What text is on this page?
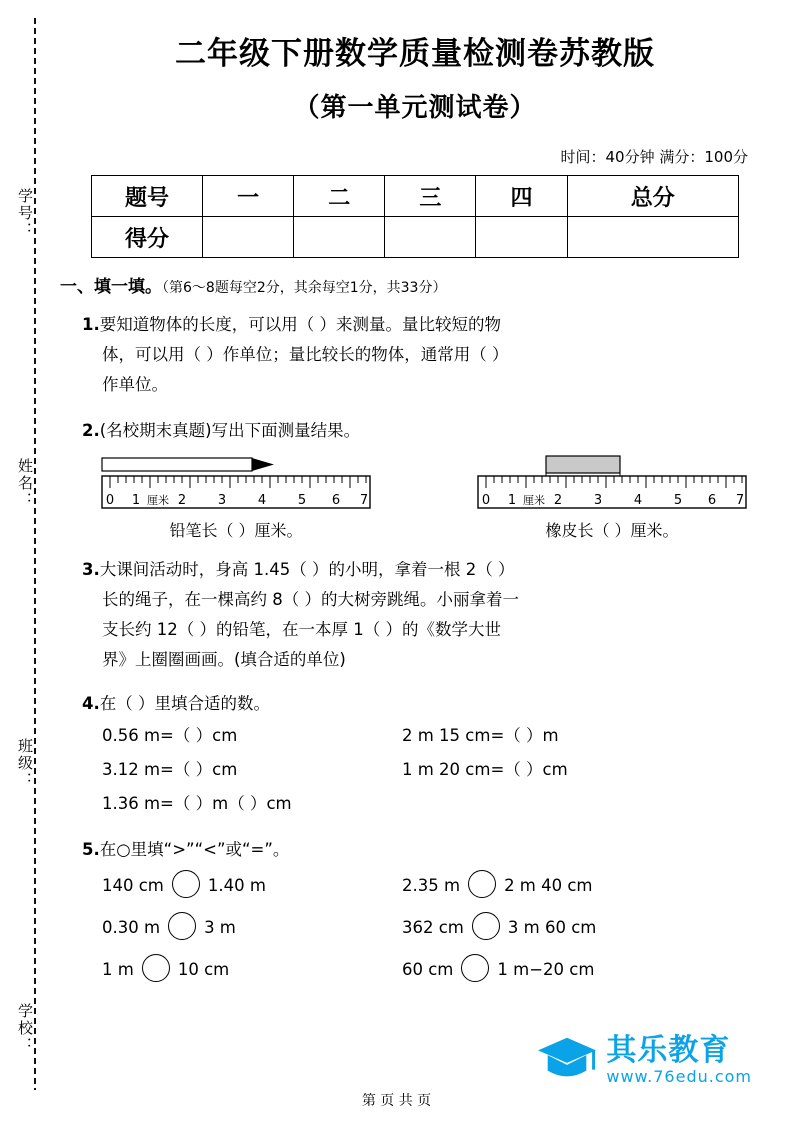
学号：
姓名：
班级：
学校：
二年级下册数学质量检测卷苏教版
（第一单元测试卷）
时间：40分钟 满分：100分
题号	一	二	三	四	总分
得分					
一、填一填。（第6～8题每空2分，其余每空1分，共33分）
1.要知道物体的长度，可以用（ ）来测量。量比较短的物
体，可以用（ ）作单位；量比较长的物体，通常用（ ）
作单位。
2.(名校期末真题)写出下面测量结果。
0 1 厘米 2 3 4 5 6 7
铅笔长（ ）厘米。
0 1 厘米 2 3 4 5 6 7
橡皮长（ ）厘米。
3.大课间活动时，身高 1.45（ ）的小明，拿着一根 2（ ）
长的绳子，在一棵高约 8（ ）的大树旁跳绳。小丽拿着一
支长约 12（ ）的铅笔，在一本厚 1（ ）的《数学大世
界》上圈圈画画。(填合适的单位)
4.在（ ）里填合适的数。
0.56 m=（ ）cm	2 m 15 cm=（ ）m
3.12 m=（ ）cm	1 m 20 cm=（ ）cm
1.36 m=（ ）m（ ）cm
5.在○里填“>”“<”或“=”。
140 cm	1.40 m	2.35 m	2 m 40 cm
0.30 m	3 m	362 cm	3 m 60 cm
1 m	10 cm	60 cm	1 m−20 cm
其乐教育
www.76edu.com
第 页 共 页
